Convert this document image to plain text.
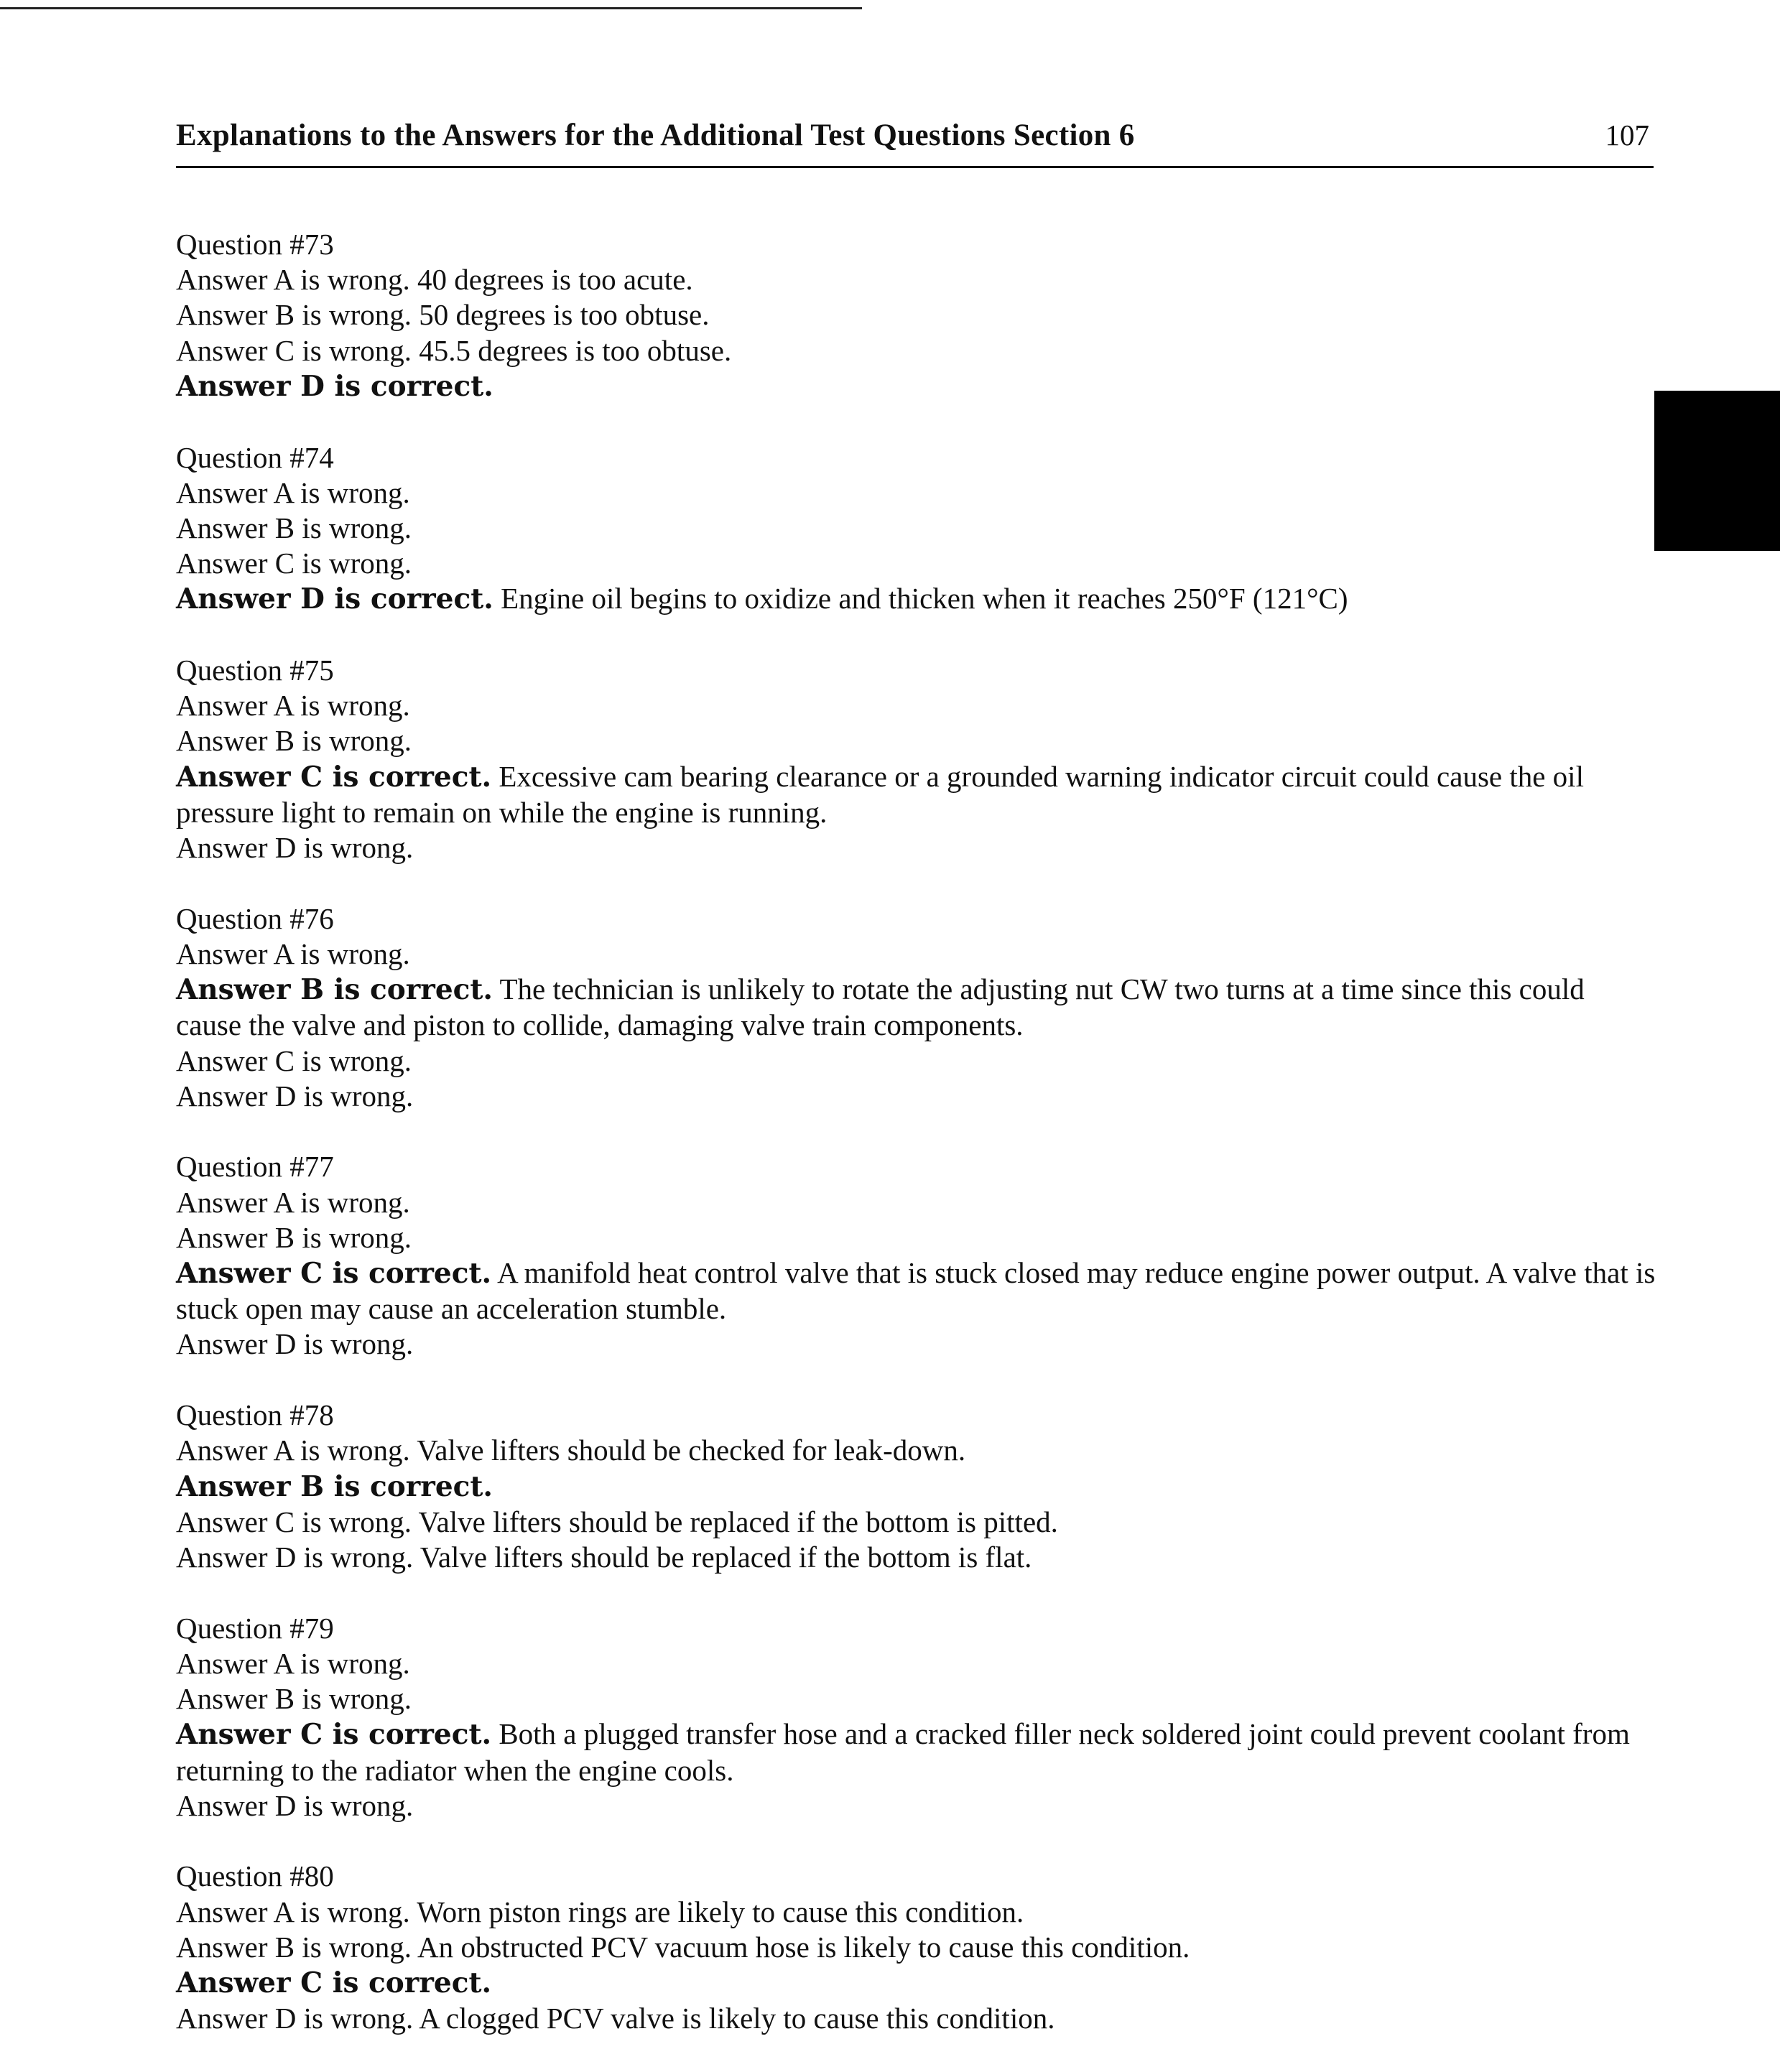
Explanations to the Answers for the Additional Test Questions Section 6	107
Question #73
Answer A is wrong. 40 degrees is too acute.
Answer B is wrong. 50 degrees is too obtuse.
Answer C is wrong. 45.5 degrees is too obtuse.
Answer D is correct.
Question #74
Answer A is wrong.
Answer B is wrong.
Answer C is wrong.
Answer D is correct. Engine oil begins to oxidize and thicken when it reaches 250°F (121°C)
Question #75
Answer A is wrong.
Answer B is wrong.
Answer C is correct. Excessive cam bearing clearance or a grounded warning indicator circuit could cause the oil pressure light to remain on while the engine is running.
Answer D is wrong.
Question #76
Answer A is wrong.
Answer B is correct. The technician is unlikely to rotate the adjusting nut CW two turns at a time since this could cause the valve and piston to collide, damaging valve train components.
Answer C is wrong.
Answer D is wrong.
Question #77
Answer A is wrong.
Answer B is wrong.
Answer C is correct. A manifold heat control valve that is stuck closed may reduce engine power output. A valve that is stuck open may cause an acceleration stumble.
Answer D is wrong.
Question #78
Answer A is wrong. Valve lifters should be checked for leak-down.
Answer B is correct.
Answer C is wrong. Valve lifters should be replaced if the bottom is pitted.
Answer D is wrong. Valve lifters should be replaced if the bottom is flat.
Question #79
Answer A is wrong.
Answer B is wrong.
Answer C is correct. Both a plugged transfer hose and a cracked filler neck soldered joint could prevent coolant from returning to the radiator when the engine cools.
Answer D is wrong.
Question #80
Answer A is wrong. Worn piston rings are likely to cause this condition.
Answer B is wrong. An obstructed PCV vacuum hose is likely to cause this condition.
Answer C is correct.
Answer D is wrong. A clogged PCV valve is likely to cause this condition.
